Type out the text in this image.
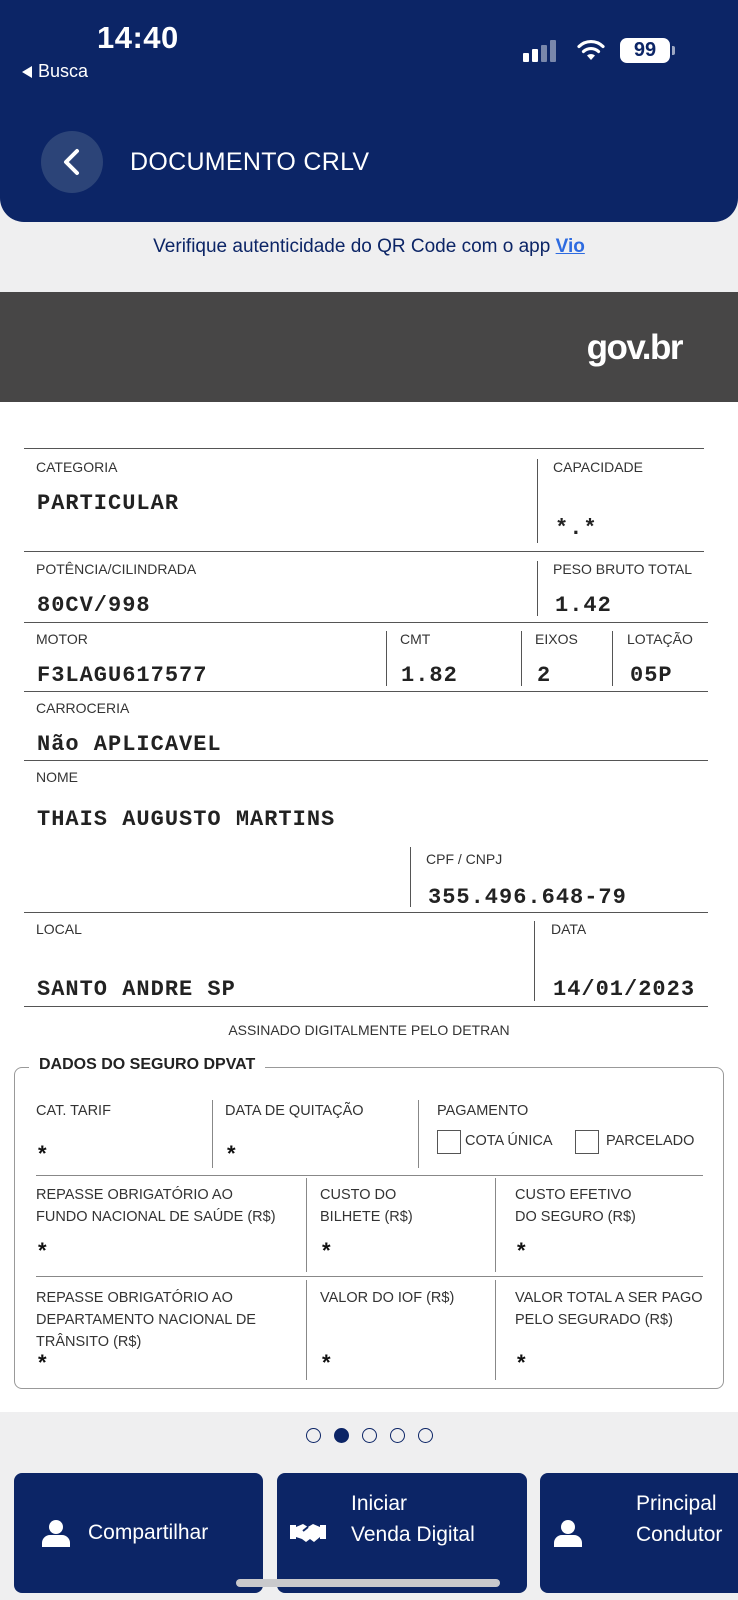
14:40
Busca
99
DOCUMENTO CRLV
Verifique autenticidade do QR Code com o app Vio
gov.br
CATEGORIA
PARTICULAR
CAPACIDADE
*.*
POTÊNCIA/CILINDRADA
80CV/998
PESO BRUTO TOTAL
1.42
MOTOR
F3LAGU617577
CMT
1.82
EIXOS
2
LOTAÇÃO
05P
CARROCERIA
Não APLICAVEL
NOME
THAIS AUGUSTO MARTINS
CPF / CNPJ
355.496.648-79
LOCAL
SANTO ANDRE SP
DATA
14/01/2023
ASSINADO DIGITALMENTE PELO DETRAN
DADOS DO SEGURO DPVAT
CAT. TARIF
*
DATA DE QUITAÇÃO
*
PAGAMENTO
COTA ÚNICA	PARCELADO
REPASSE OBRIGATÓRIO AO
FUNDO NACIONAL DE SAÚDE (R$)
*
CUSTO DO
BILHETE (R$)
*
CUSTO EFETIVO
DO SEGURO (R$)
*
REPASSE OBRIGATÓRIO AO
DEPARTAMENTO NACIONAL DE
TRÂNSITO (R$)
*
VALOR DO IOF (R$)
*
VALOR TOTAL A SER PAGO
PELO SEGURADO (R$)
*
Compartilhar
Iniciar
Venda Digital
Principal
Condutor
